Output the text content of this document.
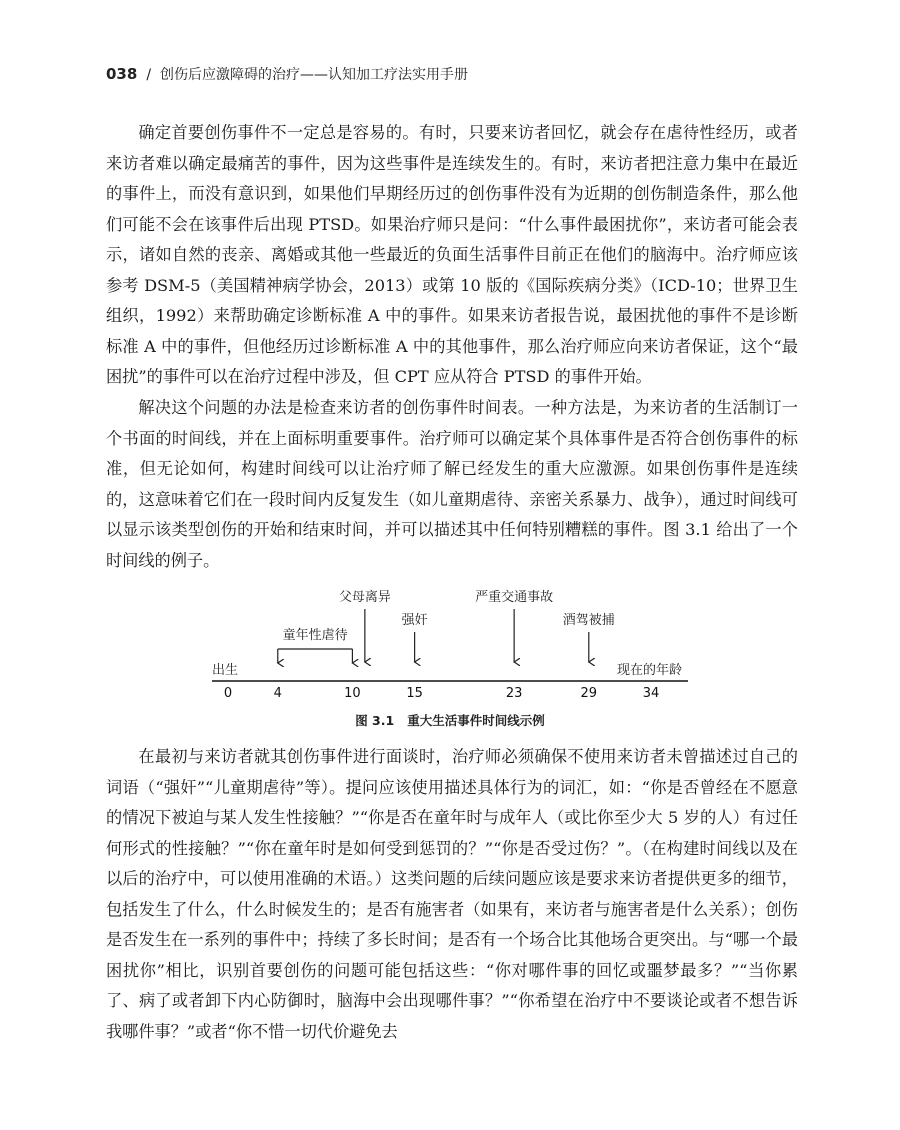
038 / 创伤后应激障碍的治疗——认知加工疗法实用手册

确定首要创伤事件不一定总是容易的。有时，只要来访者回忆，就会存在虐待性经历，或者来访者难以确定最痛苦的事件，因为这些事件是连续发生的。有时，来访者把注意力集中在最近的事件上，而没有意识到，如果他们早期经历过的创伤事件没有为近期的创伤制造条件，那么他们可能不会在该事件后出现 PTSD。如果治疗师只是问：“什么事件最困扰你”，来访者可能会表示，诸如自然的丧亲、离婚或其他一些最近的负面生活事件目前正在他们的脑海中。治疗师应该参考 DSM-5（美国精神病学协会，2013）或第 10 版的《国际疾病分类》（ICD-10；世界卫生组织，1992）来帮助确定诊断标准 A 中的事件。如果来访者报告说，最困扰他的事件不是诊断标准 A 中的事件，但他经历过诊断标准 A 中的其他事件，那么治疗师应向来访者保证，这个“最困扰”的事件可以在治疗过程中涉及，但 CPT 应从符合 PTSD 的事件开始。

解决这个问题的办法是检查来访者的创伤事件时间表。一种方法是，为来访者的生活制订一个书面的时间线，并在上面标明重要事件。治疗师可以确定某个具体事件是否符合创伤事件的标准，但无论如何，构建时间线可以让治疗师了解已经发生的重大应激源。如果创伤事件是连续的，这意味着它们在一段时间内反复发生（如儿童期虐待、亲密关系暴力、战争），通过时间线可以显示该类型创伤的开始和结束时间，并可以描述其中任何特别糟糕的事件。图 3.1 给出了一个时间线的例子。

出生	现在的年龄
0	4	10	15	23	29	34
童年性虐待
父母离异
强奸
严重交通事故
酒驾被捕
图 3.1 重大生活事件时间线示例

在最初与来访者就其创伤事件进行面谈时，治疗师必须确保不使用来访者未曾描述过自己的词语（“强奸”“儿童期虐待”等）。提问应该使用描述具体行为的词汇，如：“你是否曾经在不愿意的情况下被迫与某人发生性接触？”“你是否在童年时与成年人（或比你至少大 5 岁的人）有过任何形式的性接触？”“你在童年时是如何受到惩罚的？”“你是否受过伤？”。（在构建时间线以及在以后的治疗中，可以使用准确的术语。）这类问题的后续问题应该是要求来访者提供更多的细节，包括发生了什么，什么时候发生的；是否有施害者（如果有，来访者与施害者是什么关系）；创伤是否发生在一系列的事件中；持续了多长时间；是否有一个场合比其他场合更突出。与“哪一个最困扰你”相比，识别首要创伤的问题可能包括这些：“你对哪件事的回忆或噩梦最多？”“当你累了、病了或者卸下内心防御时，脑海中会出现哪件事？”“你希望在治疗中不要谈论或者不想告诉我哪件事？”或者“你不惜一切代价避免去
